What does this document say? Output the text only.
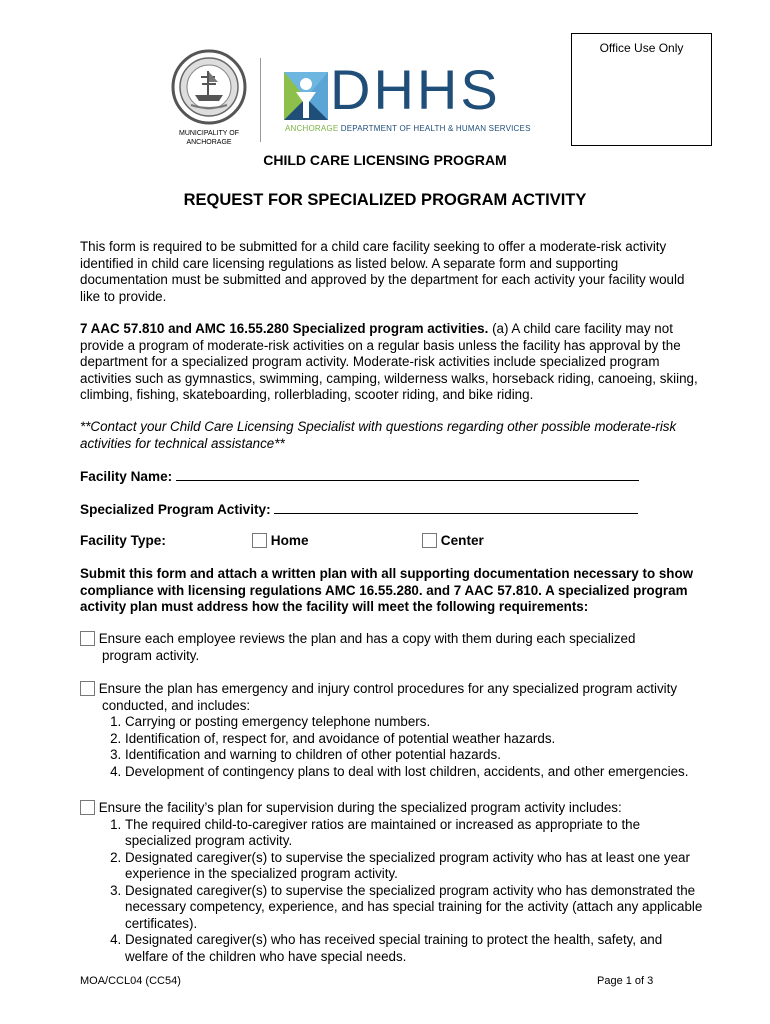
Office Use Only
MUNICIPALITY OF
ANCHORAGE
DHHS
ANCHORAGE DEPARTMENT OF HEALTH & HUMAN SERVICES
CHILD CARE LICENSING PROGRAM
REQUEST FOR SPECIALIZED PROGRAM ACTIVITY
This form is required to be submitted for a child care facility seeking to offer a moderate-risk activity identified in child care licensing regulations as listed below. A separate form and supporting documentation must be submitted and approved by the department for each activity your facility would like to provide.
7 AAC 57.810 and AMC 16.55.280 Specialized program activities. (a) A child care facility may not provide a program of moderate-risk activities on a regular basis unless the facility has approval by the department for a specialized program activity. Moderate-risk activities include specialized program activities such as gymnastics, swimming, camping, wilderness walks, horseback riding, canoeing, skiing, climbing, fishing, skateboarding, rollerblading, scooter riding, and bike riding.
**Contact your Child Care Licensing Specialist with questions regarding other possible moderate-risk activities for technical assistance**
Facility Name:
Specialized Program Activity:
Facility Type:	Home	Center
Submit this form and attach a written plan with all supporting documentation necessary to show compliance with licensing regulations AMC 16.55.280. and 7 AAC 57.810. A specialized program activity plan must address how the facility will meet the following requirements:
Ensure each employee reviews the plan and has a copy with them during each specialized
program activity.
Ensure the plan has emergency and injury control procedures for any specialized program activity
conducted, and includes:
1. Carrying or posting emergency telephone numbers.
2. Identification of, respect for, and avoidance of potential weather hazards.
3. Identification and warning to children of other potential hazards.
4. Development of contingency plans to deal with lost children, accidents, and other emergencies.
Ensure the facility’s plan for supervision during the specialized program activity includes:
1. The required child-to-caregiver ratios are maintained or increased as appropriate to the specialized program activity.
2. Designated caregiver(s) to supervise the specialized program activity who has at least one year experience in the specialized program activity.
3. Designated caregiver(s) to supervise the specialized program activity who has demonstrated the necessary competency, experience, and has special training for the activity (attach any applicable certificates).
4. Designated caregiver(s) who has received special training to protect the health, safety, and welfare of the children who have special needs.
MOA/CCL04 (CC54)	Page 1 of 3
